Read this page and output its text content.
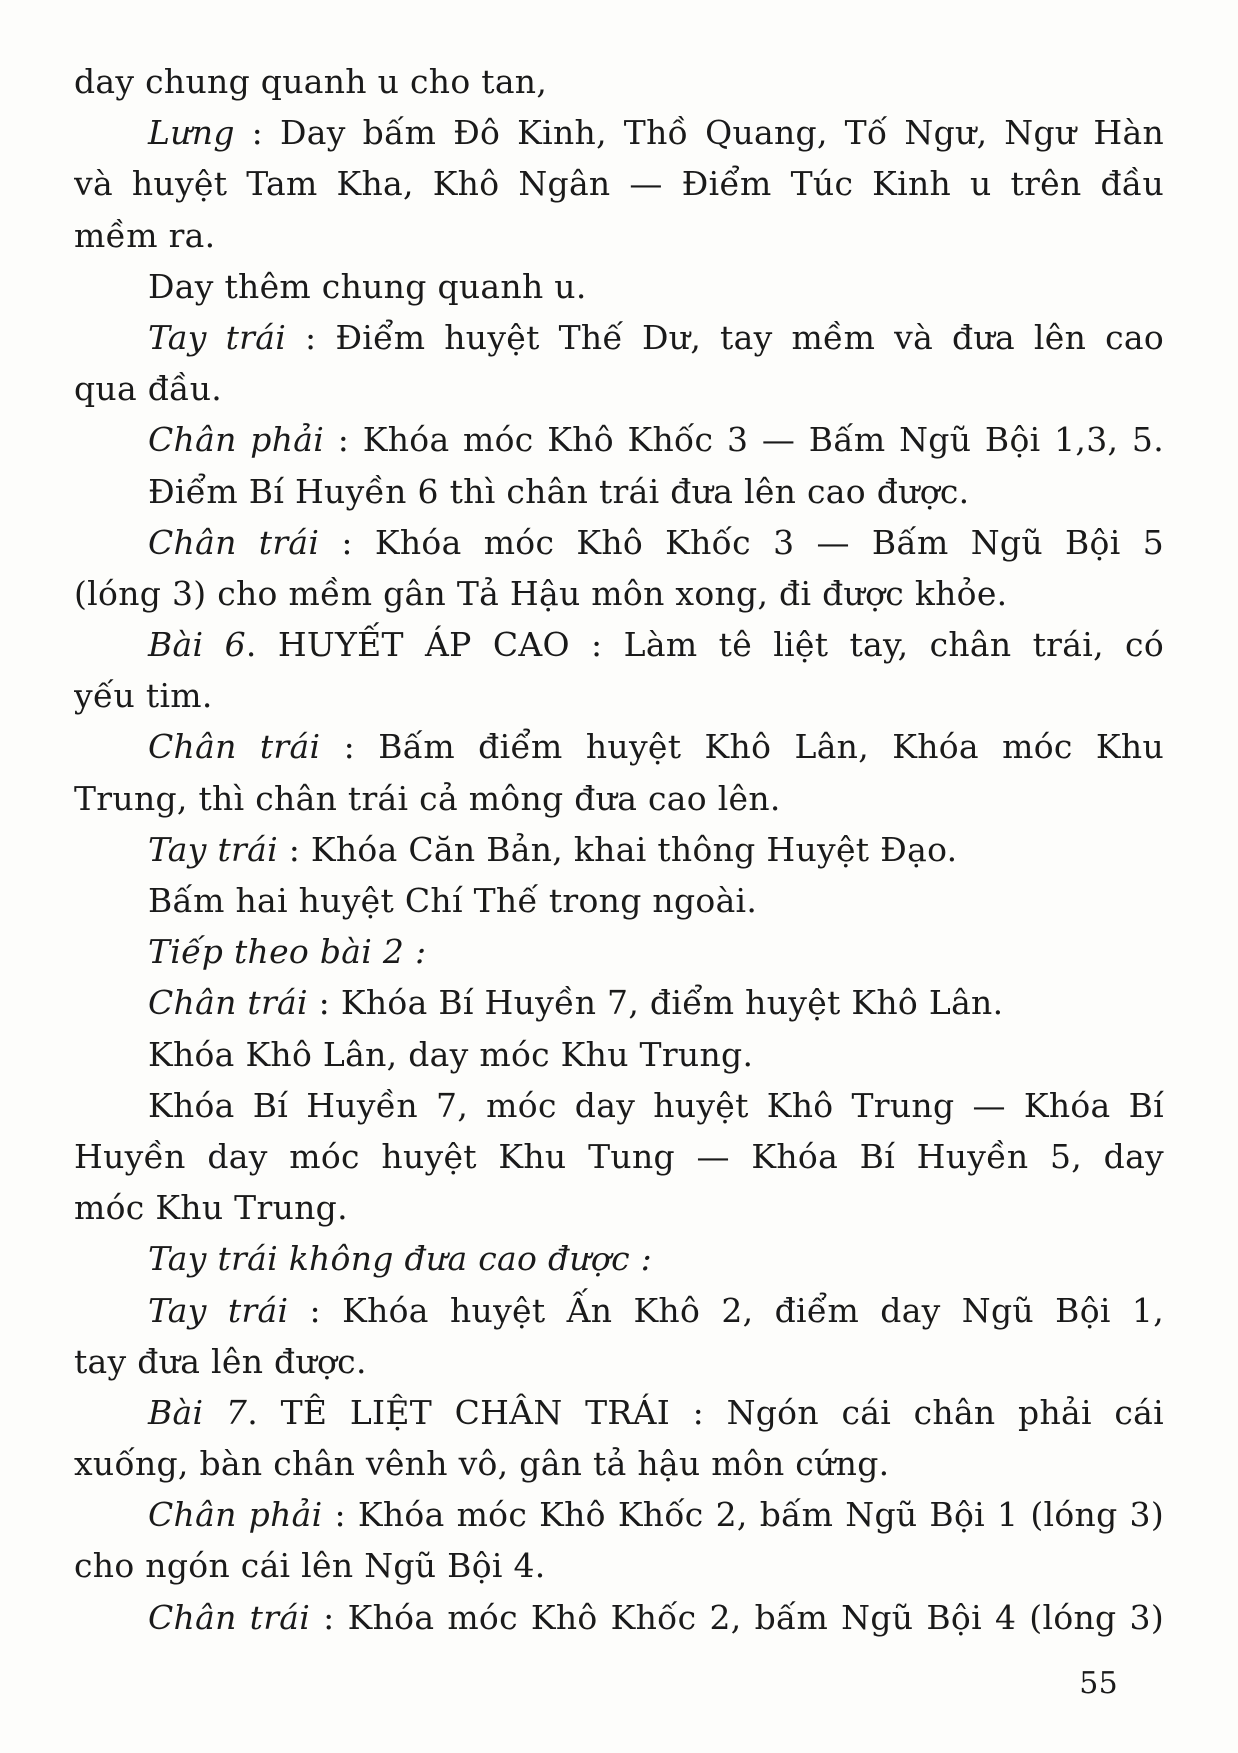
day chung quanh u cho tan,
Lưng : Day bấm Đô Kinh, Thồ Quang, Tố Ngư, Ngư Hàn
và huyệt Tam Kha, Khô Ngân — Điểm Túc Kinh u trên đầu
mềm ra.
Day thêm chung quanh u.
Tay trái : Điểm huyệt Thế Dư, tay mềm và đưa lên cao
qua đầu.
Chân phải : Khóa móc Khô Khốc 3 — Bấm Ngũ Bội 1,3, 5.
Điểm Bí Huyền 6 thì chân trái đưa lên cao được.
Chân trái : Khóa móc Khô Khốc 3 — Bấm Ngũ Bội 5
(lóng 3) cho mềm gân Tả Hậu môn xong, đi được khỏe.
Bài 6. HUYẾT ÁP CAO : Làm tê liệt tay, chân trái, có
yếu tim.
Chân trái : Bấm điểm huyệt Khô Lân, Khóa móc Khu
Trung, thì chân trái cả mông đưa cao lên.
Tay trái : Khóa Căn Bản, khai thông Huyệt Đạo.
Bấm hai huyệt Chí Thế trong ngoài.
Tiếp theo bài 2 :
Chân trái : Khóa Bí Huyền 7, điểm huyệt Khô Lân.
Khóa Khô Lân, day móc Khu Trung.
Khóa Bí Huyền 7, móc day huyệt Khô Trung — Khóa Bí
Huyền day móc huyệt Khu Tung — Khóa Bí Huyền 5, day
móc Khu Trung.
Tay trái không đưa cao được :
Tay trái : Khóa huyệt Ấn Khô 2, điểm day Ngũ Bội 1,
tay đưa lên được.
Bài 7. TÊ LIỆT CHÂN TRÁI : Ngón cái chân phải cái
xuống, bàn chân vênh vô, gân tả hậu môn cứng.
Chân phải : Khóa móc Khô Khốc 2, bấm Ngũ Bội 1 (lóng 3)
cho ngón cái lên Ngũ Bội 4.
Chân trái : Khóa móc Khô Khốc 2, bấm Ngũ Bội 4 (lóng 3)
55
